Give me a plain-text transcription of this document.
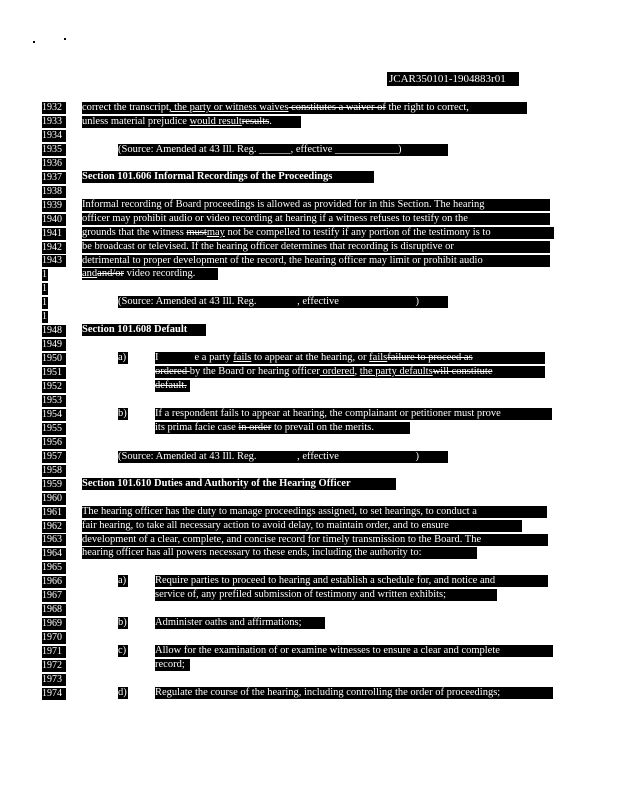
JCAR350101-1904883r01
1932
1933
1934
1935
1936
1937
1938
1939
1940
1941
1942
1943
1
1
1
1
1948
1949
1950
1951
1952
1953
1954
1955
1956
1957
1958
1959
1960
1961
1962
1963
1964
1965
1966
1967
1968
1969
1970
1971
1972
1973
1974
correct the transcript, the party or witness waives constitutes a waiver of the right to correct,
unless material prejudice would resultresults.
(Source: Amended at 43 Ill. Reg. ______, effective ____________)
Section 101.606 Informal Recordings of the Proceedings
Informal recording of Board proceedings is allowed as provided for in this Section. The hearing
officer may prohibit audio or video recording at hearing if a witness refuses to testify on the
grounds that the witness mustmay not be compelled to testify if any portion of the testimony is to
be broadcast or televised. If the hearing officer determines that recording is disruptive or
detrimental to proper development of the record, the hearing officer may limit or prohibit audio
andand/or video recording.
(Source: Amended at 43 Ill. Reg.	, effective	)
Section 101.608 Default
a)	I	e a party fails to appear at the hearing, or failsfailure to proceed as
ordered by the Board or hearing officer ordered, the party defaultswill constitute
default.
b)	If a respondent fails to appear at hearing, the complainant or petitioner must prove
its prima facie case in order to prevail on the merits.
(Source: Amended at 43 Ill. Reg.	, effective	)
Section 101.610 Duties and Authority of the Hearing Officer
The hearing officer has the duty to manage proceedings assigned, to set hearings, to conduct a
fair hearing, to take all necessary action to avoid delay, to maintain order, and to ensure
development of a clear, complete, and concise record for timely transmission to the Board. The
hearing officer has all powers necessary to these ends, including the authority to:
a)	Require parties to proceed to hearing and establish a schedule for, and notice and
service of, any prefiled submission of testimony and written exhibits;
b)	Administer oaths and affirmations;
c)	Allow for the examination of or examine witnesses to ensure a clear and complete
record;
d)	Regulate the course of the hearing, including controlling the order of proceedings;
